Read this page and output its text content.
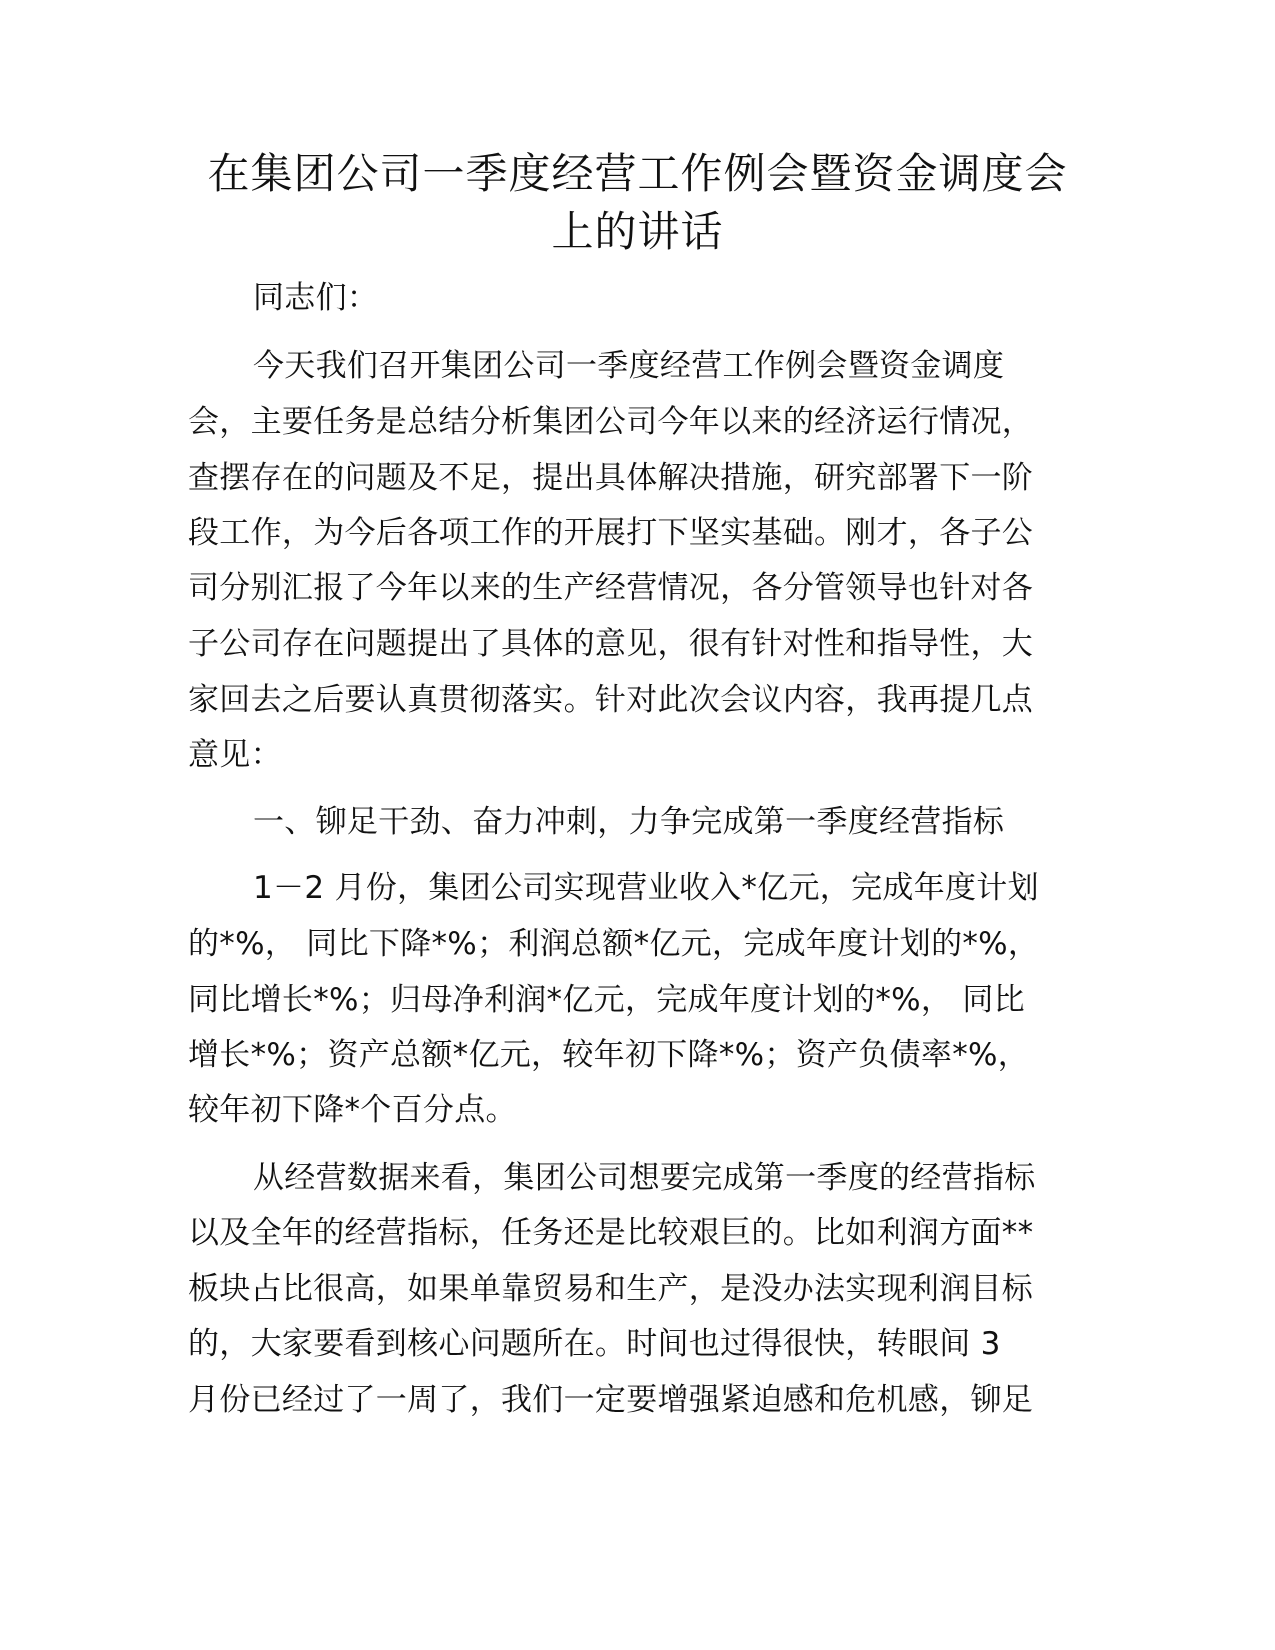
在集团公司一季度经营工作例会暨资金调度会
上的讲话
同志们：
今天我们召开集团公司一季度经营工作例会暨资金调度
会，主要任务是总结分析集团公司今年以来的经济运行情况，
查摆存在的问题及不足，提出具体解决措施，研究部署下一阶
段工作，为今后各项工作的开展打下坚实基础。刚才，各子公
司分别汇报了今年以来的生产经营情况，各分管领导也针对各
子公司存在问题提出了具体的意见，很有针对性和指导性，大
家回去之后要认真贯彻落实。针对此次会议内容，我再提几点
意见：
一、铆足干劲、奋力冲刺，力争完成第一季度经营指标
1－2 月份，集团公司实现营业收入*亿元，完成年度计划
的*%， 同比下降*%；利润总额*亿元，完成年度计划的*%，
同比增长*%；归母净利润*亿元，完成年度计划的*%， 同比
增长*%；资产总额*亿元，较年初下降*%；资产负债率*%，
较年初下降*个百分点。
从经营数据来看，集团公司想要完成第一季度的经营指标
以及全年的经营指标，任务还是比较艰巨的。比如利润方面**
板块占比很高，如果单靠贸易和生产，是没办法实现利润目标
的，大家要看到核心问题所在。时间也过得很快，转眼间 3
月份已经过了一周了，我们一定要增强紧迫感和危机感，铆足
